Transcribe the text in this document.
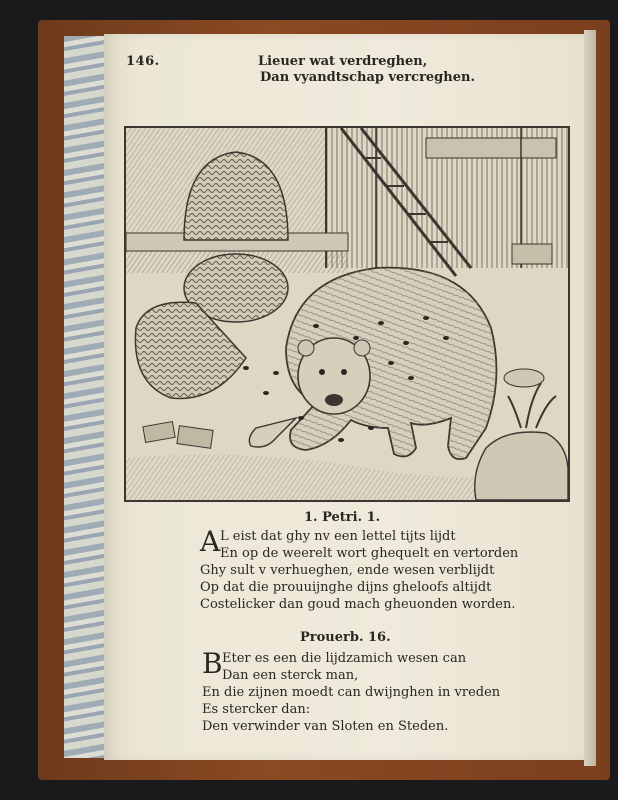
146.	Lieuer wat verdreghen,
Dan vyandtschap vercreghen.
1. Petri. 1.
A L eist dat ghy nv een lettel tijts lijdt
En op de weerelt wort ghequelt en vertorden
Ghy sult v verhueghen, ende wesen verblijdt
Op dat die prouuijnghe dijns gheloofs altijdt
Costelicker dan goud mach gheuonden worden.
Prouerb. 16.
B Eter es een die lijdzamich wesen can
Dan een sterck man,
En die zijnen moedt can dwijnghen in vreden
Es stercker dan:
Den verwinder van Sloten en Steden.
